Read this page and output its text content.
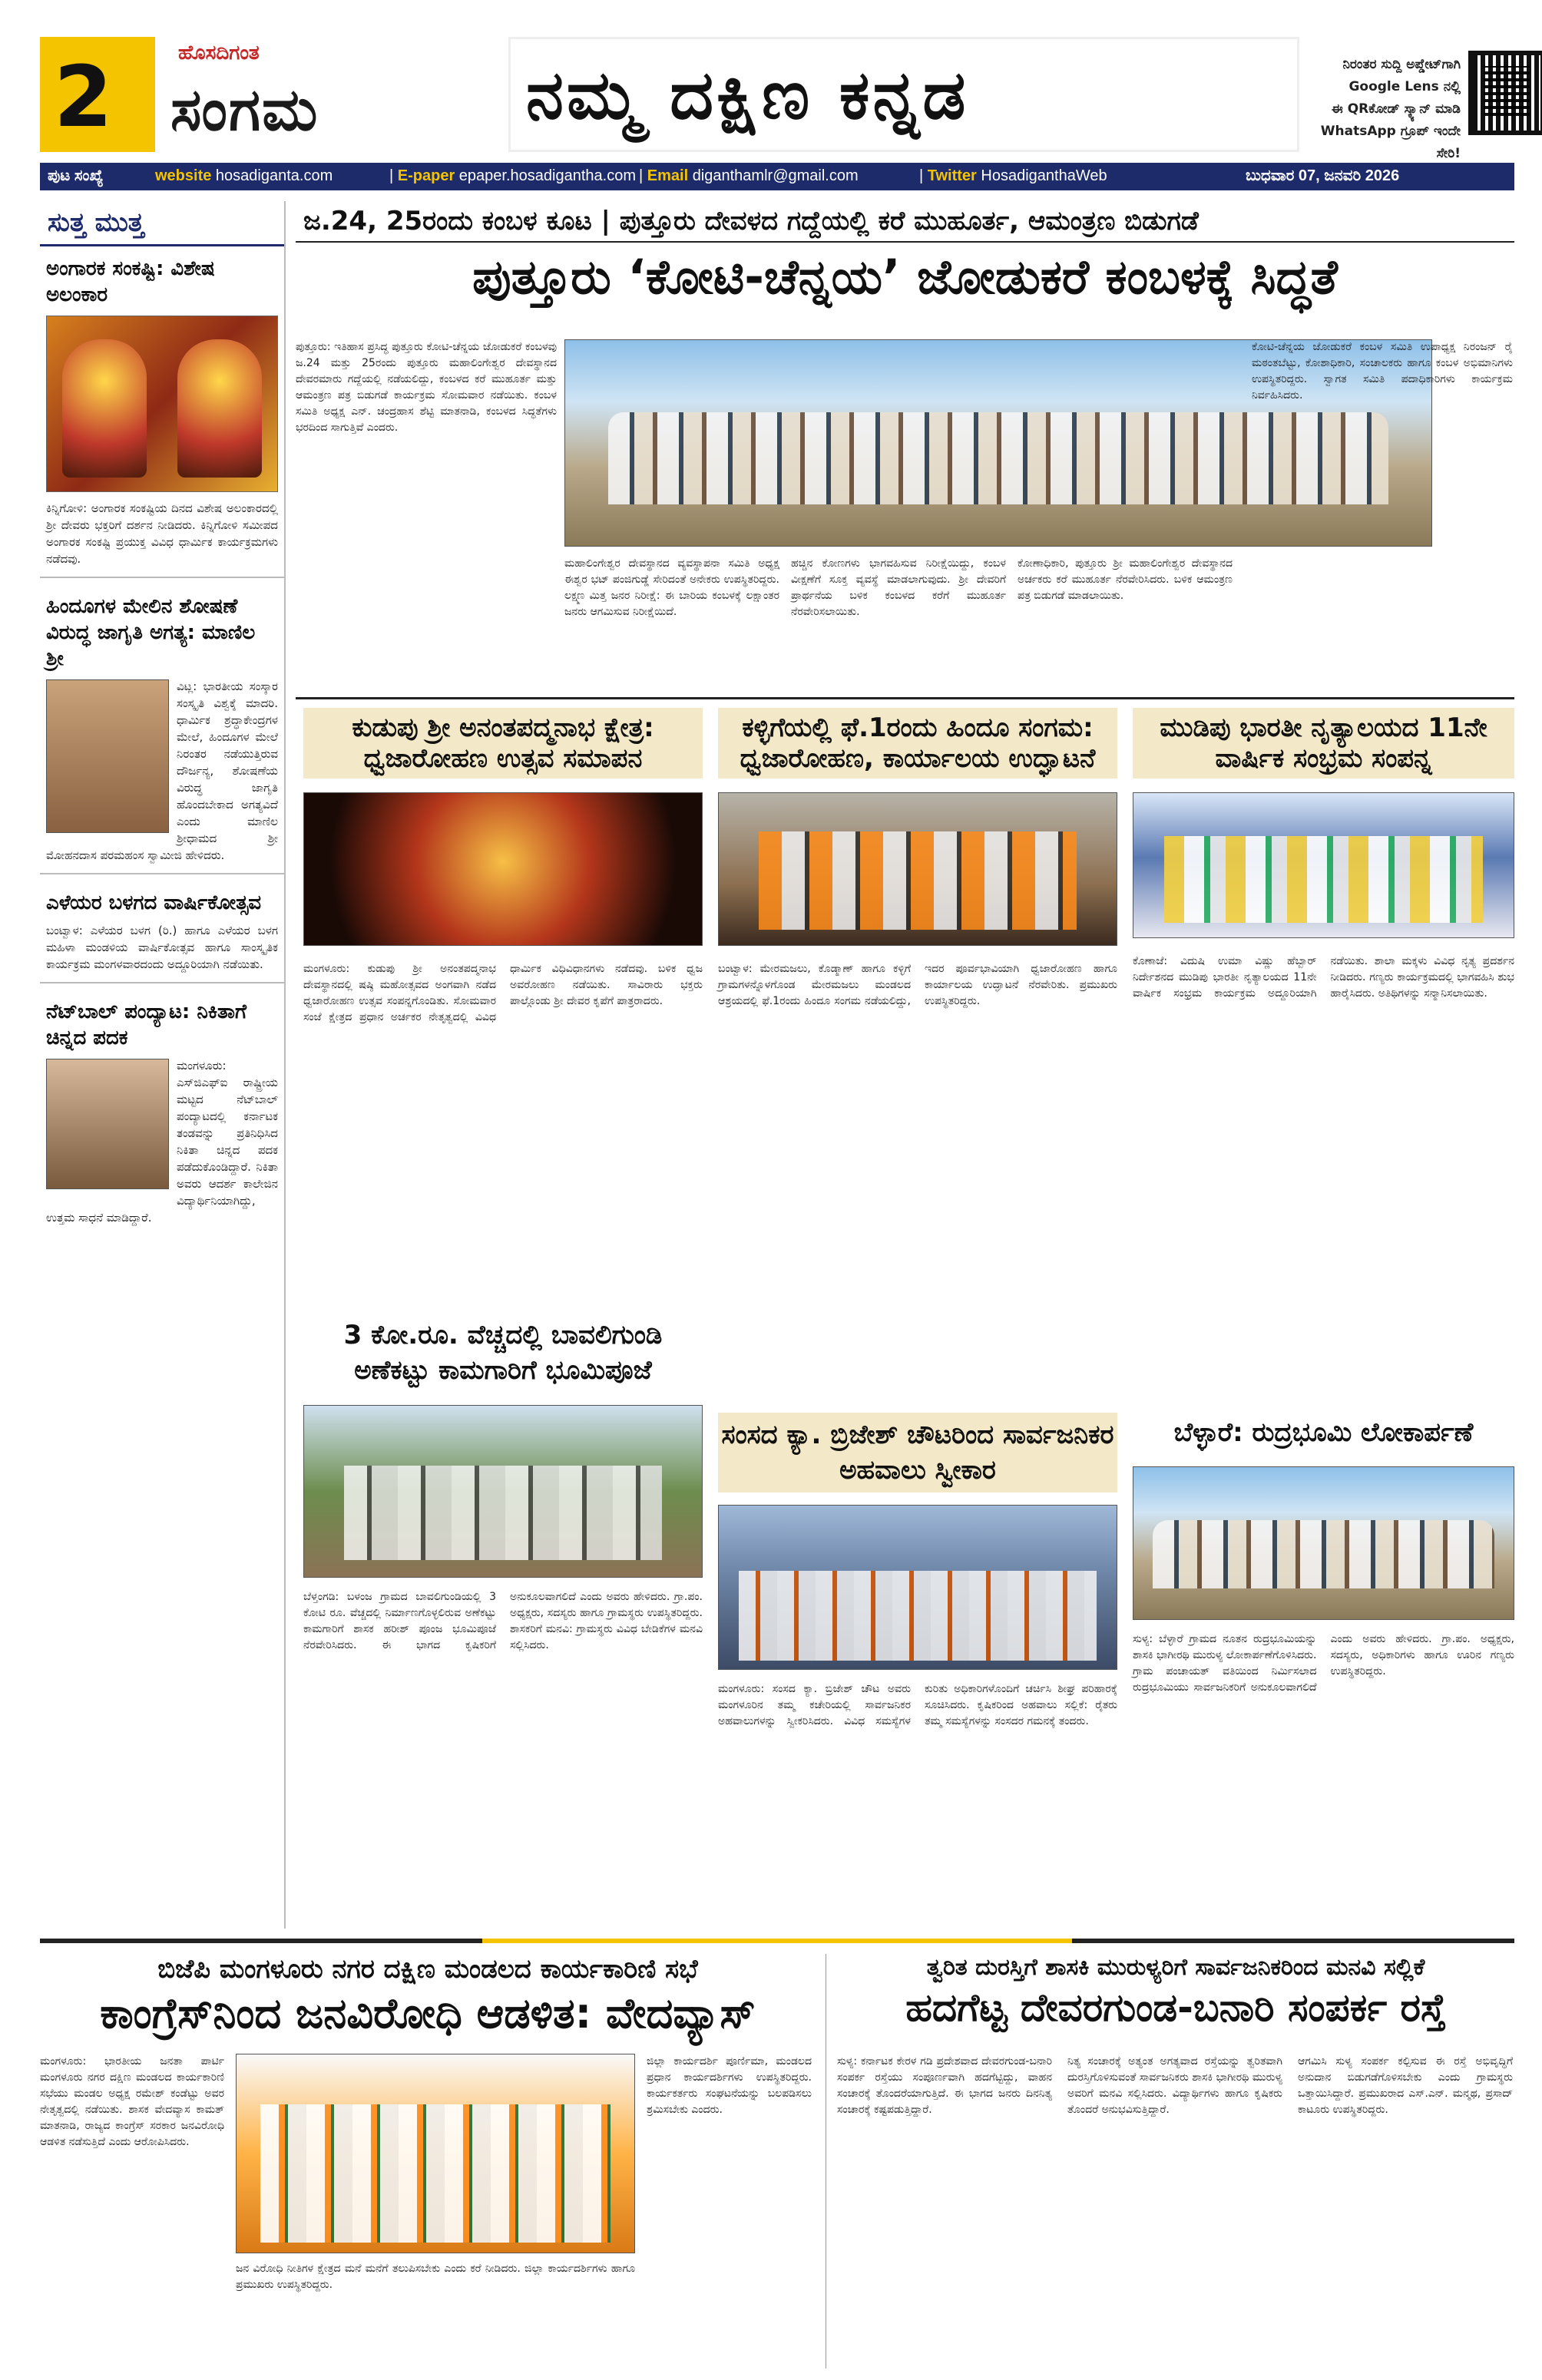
2	ಹೊಸದಿಗಂತ
ಸಂಗಮ	ನಮ್ಮ ದಕ್ಷಿಣ ಕನ್ನಡ	ನಿರಂತರ ಸುದ್ದಿ ಅಪ್ಡೇಟ್‌ಗಾಗಿ
Google Lens ನಲ್ಲಿ
ಈ QRಕೋಡ್ ಸ್ಕ್ಯಾನ್ ಮಾಡಿ
WhatsApp ಗ್ರೂಪ್ ಇಂದೇ ಸೇರಿ!
ಪುಟ ಸಂಖ್ಯೆ	website hosadiganta.com	| E-paper epaper.hosadigantha.com | Email diganthamlr@gmail.com	| Twitter HosadiganthaWeb	ಬುಧವಾರ 07, ಜನವರಿ 2026
ಸುತ್ತ ಮುತ್ತ
ಅಂಗಾರಕ ಸಂಕಷ್ಟಿ: ವಿಶೇಷ ಅಲಂಕಾರ
ಕಿನ್ನಿಗೋಳಿ: ಅಂಗಾರಕ ಸಂಕಷ್ಟಿಯ ದಿನದ ವಿಶೇಷ ಅಲಂಕಾರದಲ್ಲಿ ಶ್ರೀ ದೇವರು ಭಕ್ತರಿಗೆ ದರ್ಶನ ನೀಡಿದರು. ಕಿನ್ನಿಗೋಳಿ ಸಮೀಪದ ಅಂಗಾರಕ ಸಂಕಷ್ಟಿ ಪ್ರಯುಕ್ತ ವಿವಿಧ ಧಾರ್ಮಿಕ ಕಾರ್ಯಕ್ರಮಗಳು ನಡೆದವು.
ಹಿಂದೂಗಳ ಮೇಲಿನ ಶೋಷಣೆ ವಿರುದ್ಧ ಜಾಗೃತಿ ಅಗತ್ಯ: ಮಾಣಿಲ ಶ್ರೀ
ವಿಟ್ಲ: ಭಾರತೀಯ ಸಂಸ್ಕಾರ ಸಂಸ್ಕೃತಿ ವಿಶ್ವಕ್ಕೆ ಮಾದರಿ. ಧಾರ್ಮಿಕ ಶ್ರದ್ಧಾಕೇಂದ್ರಗಳ ಮೇಲೆ, ಹಿಂದೂಗಳ ಮೇಲೆ ನಿರಂತರ ನಡೆಯುತ್ತಿರುವ ದೌರ್ಜನ್ಯ, ಶೋಷಣೆಯ ವಿರುದ್ಧ ಜಾಗೃತಿ ಹೊಂದಬೇಕಾದ ಅಗತ್ಯವಿದೆ ಎಂದು ಮಾಣಿಲ ಶ್ರೀಧಾಮದ ಶ್ರೀ ಮೋಹನದಾಸ ಪರಮಹಂಸ ಸ್ವಾಮೀಜಿ ಹೇಳಿದರು.
ಎಳೆಯರ ಬಳಗದ ವಾರ್ಷಿಕೋತ್ಸವ
ಬಂಟ್ವಾಳ: ಎಳೆಯರ ಬಳಗ (ರಿ.) ಹಾಗೂ ಎಳೆಯರ ಬಳಗ ಮಹಿಳಾ ಮಂಡಳಿಯ ವಾರ್ಷಿಕೋತ್ಸವ ಹಾಗೂ ಸಾಂಸ್ಕೃತಿಕ ಕಾರ್ಯಕ್ರಮ ಮಂಗಳವಾರದಂದು ಅದ್ದೂರಿಯಾಗಿ ನಡೆಯಿತು.
ನೆಟ್‌ಬಾಲ್ ಪಂದ್ಯಾಟ: ನಿಕಿತಾಗೆ ಚಿನ್ನದ ಪದಕ
ಮಂಗಳೂರು: ಎಸ್‌ಜಿಎಫ್‌ಐ ರಾಷ್ಟ್ರೀಯ ಮಟ್ಟದ ನೆಟ್‌ಬಾಲ್ ಪಂದ್ಯಾಟದಲ್ಲಿ ಕರ್ನಾಟಕ ತಂಡವನ್ನು ಪ್ರತಿನಿಧಿಸಿದ ನಿಕಿತಾ ಚಿನ್ನದ ಪದಕ ಪಡೆದುಕೊಂಡಿದ್ದಾರೆ. ನಿಕಿತಾ ಅವರು ಆದರ್ಶ ಕಾಲೇಜಿನ ವಿದ್ಯಾರ್ಥಿನಿಯಾಗಿದ್ದು, ಉತ್ತಮ ಸಾಧನೆ ಮಾಡಿದ್ದಾರೆ.
ಜ.24, 25ರಂದು ಕಂಬಳ ಕೂಟ | ಪುತ್ತೂರು ದೇವಳದ ಗದ್ದೆಯಲ್ಲಿ ಕರೆ ಮುಹೂರ್ತ, ಆಮಂತ್ರಣ ಬಿಡುಗಡೆ
ಪುತ್ತೂರು ‘ಕೋಟಿ-ಚೆನ್ನಯ’ ಜೋಡುಕರೆ ಕಂಬಳಕ್ಕೆ ಸಿದ್ಧತೆ
ಪುತ್ತೂರು: ಇತಿಹಾಸ ಪ್ರಸಿದ್ಧ ಪುತ್ತೂರು ಕೋಟಿ-ಚೆನ್ನಯ ಜೋಡುಕರೆ ಕಂಬಳವು ಜ.24 ಮತ್ತು 25ರಂದು ಪುತ್ತೂರು ಮಹಾಲಿಂಗೇಶ್ವರ ದೇವಸ್ಥಾನದ ದೇವರಮಾರು ಗದ್ದೆಯಲ್ಲಿ ನಡೆಯಲಿದ್ದು, ಕಂಬಳದ ಕರೆ ಮುಹೂರ್ತ ಮತ್ತು ಆಮಂತ್ರಣ ಪತ್ರ ಬಿಡುಗಡೆ ಕಾರ್ಯಕ್ರಮ ಸೋಮವಾರ ನಡೆಯಿತು. ಕಂಬಳ ಸಮಿತಿ ಅಧ್ಯಕ್ಷ ಎನ್. ಚಂದ್ರಹಾಸ ಶೆಟ್ಟಿ ಮಾತನಾಡಿ, ಕಂಬಳದ ಸಿದ್ಧತೆಗಳು ಭರದಿಂದ ಸಾಗುತ್ತಿವೆ ಎಂದರು.
ಮಹಾಲಿಂಗೇಶ್ವರ ದೇವಸ್ಥಾನದ ವ್ಯವಸ್ಥಾಪನಾ ಸಮಿತಿ ಅಧ್ಯಕ್ಷ ಈಶ್ವರ ಭಟ್ ಪಂಜಿಗುಡ್ಡೆ ಸೇರಿದಂತೆ ಅನೇಕರು ಉಪಸ್ಥಿತರಿದ್ದರು. ಲಕ್ಷ್ಮಣ ಮಿತ್ತ ಜನರ ನಿರೀಕ್ಷೆ: ಈ ಬಾರಿಯ ಕಂಬಳಕ್ಕೆ ಲಕ್ಷಾಂತರ ಜನರು ಆಗಮಿಸುವ ನಿರೀಕ್ಷೆಯಿದೆ.
ಹಚ್ಚಿನ ಕೋಣಗಳು ಭಾಗವಹಿಸುವ ನಿರೀಕ್ಷೆಯಿದ್ದು, ಕಂಬಳ ವೀಕ್ಷಣೆಗೆ ಸೂಕ್ತ ವ್ಯವಸ್ಥೆ ಮಾಡಲಾಗುವುದು. ಶ್ರೀ ದೇವರಿಗೆ ಪ್ರಾರ್ಥನೆಯ ಬಳಿಕ ಕಂಬಳದ ಕರೆಗೆ ಮುಹೂರ್ತ ನೆರವೇರಿಸಲಾಯಿತು.
ಕೋಣಾಧಿಕಾರಿ, ಪುತ್ತೂರು ಶ್ರೀ ಮಹಾಲಿಂಗೇಶ್ವರ ದೇವಸ್ಥಾನದ ಅರ್ಚಕರು ಕರೆ ಮುಹೂರ್ತ ನೆರವೇರಿಸಿದರು. ಬಳಿಕ ಆಮಂತ್ರಣ ಪತ್ರ ಬಿಡುಗಡೆ ಮಾಡಲಾಯಿತು.
ಕೋಟಿ-ಚೆನ್ನಯ ಜೋಡುಕರೆ ಕಂಬಳ ಸಮಿತಿ ಉಪಾಧ್ಯಕ್ಷ ನಿರಂಜನ್ ರೈ ಮಠಂತಬೆಟ್ಟು, ಕೋಶಾಧಿಕಾರಿ, ಸಂಚಾಲಕರು ಹಾಗೂ ಕಂಬಳ ಅಭಿಮಾನಿಗಳು ಉಪಸ್ಥಿತರಿದ್ದರು. ಸ್ವಾಗತ ಸಮಿತಿ ಪದಾಧಿಕಾರಿಗಳು ಕಾರ್ಯಕ್ರಮ ನಿರ್ವಹಿಸಿದರು.
ಕುಡುಪು ಶ್ರೀ ಅನಂತಪದ್ಮನಾಭ ಕ್ಷೇತ್ರ: ಧ್ವಜಾರೋಹಣ ಉತ್ಸವ ಸಮಾಪನ
ಮಂಗಳೂರು: ಕುಡುಪು ಶ್ರೀ ಅನಂತಪದ್ಮನಾಭ ದೇವಸ್ಥಾನದಲ್ಲಿ ಷಷ್ಠಿ ಮಹೋತ್ಸವದ ಅಂಗವಾಗಿ ನಡೆದ ಧ್ವಜಾರೋಹಣ ಉತ್ಸವ ಸಂಪನ್ನಗೊಂಡಿತು. ಸೋಮವಾರ ಸಂಜೆ ಕ್ಷೇತ್ರದ ಪ್ರಧಾನ ಅರ್ಚಕರ ನೇತೃತ್ವದಲ್ಲಿ ವಿವಿಧ ಧಾರ್ಮಿಕ ವಿಧಿವಿಧಾನಗಳು ನಡೆದವು. ಬಳಿಕ ಧ್ವಜ ಅವರೋಹಣ ನಡೆಯಿತು. ಸಾವಿರಾರು ಭಕ್ತರು ಪಾಲ್ಗೊಂಡು ಶ್ರೀ ದೇವರ ಕೃಪೆಗೆ ಪಾತ್ರರಾದರು.
ಕಳ್ಳಿಗೆಯಲ್ಲಿ ಫೆ.1ರಂದು ಹಿಂದೂ ಸಂಗಮ: ಧ್ವಜಾರೋಹಣ, ಕಾರ್ಯಾಲಯ ಉದ್ಘಾಟನೆ
ಬಂಟ್ವಾಳ: ಮೇರಮಜಲು, ಕೊಡ್ಮಾಣ್ ಹಾಗೂ ಕಳ್ಳಿಗೆ ಗ್ರಾಮಗಳನ್ನೊಳಗೊಂಡ ಮೇರಮಜಲು ಮಂಡಲದ ಆಶ್ರಯದಲ್ಲಿ ಫೆ.1ರಂದು ಹಿಂದೂ ಸಂಗಮ ನಡೆಯಲಿದ್ದು, ಇದರ ಪೂರ್ವಭಾವಿಯಾಗಿ ಧ್ವಜಾರೋಹಣ ಹಾಗೂ ಕಾರ್ಯಾಲಯ ಉದ್ಘಾಟನೆ ನೆರವೇರಿತು. ಪ್ರಮುಖರು ಉಪಸ್ಥಿತರಿದ್ದರು.
ಮುಡಿಪು ಭಾರತೀ ನೃತ್ಯಾಲಯದ 11ನೇ ವಾರ್ಷಿಕ ಸಂಭ್ರಮ ಸಂಪನ್ನ
ಕೊಣಾಜೆ: ವಿದುಷಿ ಉಮಾ ವಿಷ್ಣು ಹೆಬ್ಬಾರ್ ನಿರ್ದೇಶನದ ಮುಡಿಪು ಭಾರತೀ ನೃತ್ಯಾಲಯದ 11ನೇ ವಾರ್ಷಿಕ ಸಂಭ್ರಮ ಕಾರ್ಯಕ್ರಮ ಅದ್ದೂರಿಯಾಗಿ ನಡೆಯಿತು. ಶಾಲಾ ಮಕ್ಕಳು ವಿವಿಧ ನೃತ್ಯ ಪ್ರದರ್ಶನ ನೀಡಿದರು. ಗಣ್ಯರು ಕಾರ್ಯಕ್ರಮದಲ್ಲಿ ಭಾಗವಹಿಸಿ ಶುಭ ಹಾರೈಸಿದರು. ಅತಿಥಿಗಳನ್ನು ಸನ್ಮಾನಿಸಲಾಯಿತು.
3 ಕೋ.ರೂ. ವೆಚ್ಚದಲ್ಲಿ ಬಾವಲಿಗುಂಡಿ ಅಣೆಕಟ್ಟು ಕಾಮಗಾರಿಗೆ ಭೂಮಿಪೂಜೆ
ಬೆಳ್ತಂಗಡಿ: ಬಳಂಜ ಗ್ರಾಮದ ಬಾವಲಿಗುಂಡಿಯಲ್ಲಿ 3 ಕೋಟಿ ರೂ. ವೆಚ್ಚದಲ್ಲಿ ನಿರ್ಮಾಣಗೊಳ್ಳಲಿರುವ ಅಣೆಕಟ್ಟು ಕಾಮಗಾರಿಗೆ ಶಾಸಕ ಹರೀಶ್ ಪೂಂಜ ಭೂಮಿಪೂಜೆ ನೆರವೇರಿಸಿದರು. ಈ ಭಾಗದ ಕೃಷಿಕರಿಗೆ ಅನುಕೂಲವಾಗಲಿದೆ ಎಂದು ಅವರು ಹೇಳಿದರು. ಗ್ರಾ.ಪಂ. ಅಧ್ಯಕ್ಷರು, ಸದಸ್ಯರು ಹಾಗೂ ಗ್ರಾಮಸ್ಥರು ಉಪಸ್ಥಿತರಿದ್ದರು. ಶಾಸಕರಿಗೆ ಮನವಿ: ಗ್ರಾಮಸ್ಥರು ವಿವಿಧ ಬೇಡಿಕೆಗಳ ಮನವಿ ಸಲ್ಲಿಸಿದರು.
ಸಂಸದ ಕ್ಯಾ. ಬ್ರಿಜೇಶ್ ಚೌಟರಿಂದ ಸಾರ್ವಜನಿಕರ ಅಹವಾಲು ಸ್ವೀಕಾರ
ಮಂಗಳೂರು: ಸಂಸದ ಕ್ಯಾ. ಬ್ರಿಜೇಶ್ ಚೌಟ ಅವರು ಮಂಗಳೂರಿನ ತಮ್ಮ ಕಚೇರಿಯಲ್ಲಿ ಸಾರ್ವಜನಿಕರ ಅಹವಾಲುಗಳನ್ನು ಸ್ವೀಕರಿಸಿದರು. ವಿವಿಧ ಸಮಸ್ಯೆಗಳ ಕುರಿತು ಅಧಿಕಾರಿಗಳೊಂದಿಗೆ ಚರ್ಚಿಸಿ ಶೀಘ್ರ ಪರಿಹಾರಕ್ಕೆ ಸೂಚಿಸಿದರು. ಕೃಷಿಕರಿಂದ ಅಹವಾಲು ಸಲ್ಲಿಕೆ: ರೈತರು ತಮ್ಮ ಸಮಸ್ಯೆಗಳನ್ನು ಸಂಸದರ ಗಮನಕ್ಕೆ ತಂದರು.
ಬೆಳ್ಳಾರೆ: ರುದ್ರಭೂಮಿ ಲೋಕಾರ್ಪಣೆ
ಸುಳ್ಯ: ಬೆಳ್ಳಾರೆ ಗ್ರಾಮದ ನೂತನ ರುದ್ರಭೂಮಿಯನ್ನು ಶಾಸಕಿ ಭಾಗೀರಥಿ ಮುರುಳ್ಯ ಲೋಕಾರ್ಪಣೆಗೊಳಿಸಿದರು. ಗ್ರಾಮ ಪಂಚಾಯತ್ ವತಿಯಿಂದ ನಿರ್ಮಿಸಲಾದ ರುದ್ರಭೂಮಿಯು ಸಾರ್ವಜನಿಕರಿಗೆ ಅನುಕೂಲವಾಗಲಿದೆ ಎಂದು ಅವರು ಹೇಳಿದರು. ಗ್ರಾ.ಪಂ. ಅಧ್ಯಕ್ಷರು, ಸದಸ್ಯರು, ಅಧಿಕಾರಿಗಳು ಹಾಗೂ ಊರಿನ ಗಣ್ಯರು ಉಪಸ್ಥಿತರಿದ್ದರು.
ಬಿಜೆಪಿ ಮಂಗಳೂರು ನಗರ ದಕ್ಷಿಣ ಮಂಡಲದ ಕಾರ್ಯಕಾರಿಣಿ ಸಭೆ
ಕಾಂಗ್ರೆಸ್‌ನಿಂದ ಜನವಿರೋಧಿ ಆಡಳಿತ: ವೇದವ್ಯಾಸ್
ಮಂಗಳೂರು: ಭಾರತೀಯ ಜನತಾ ಪಾರ್ಟಿ ಮಂಗಳೂರು ನಗರ ದಕ್ಷಿಣ ಮಂಡಲದ ಕಾರ್ಯಕಾರಿಣಿ ಸಭೆಯು ಮಂಡಲ ಅಧ್ಯಕ್ಷ ರಮೇಶ್ ಕಂಡೆಟ್ಟು ಅವರ ನೇತೃತ್ವದಲ್ಲಿ ನಡೆಯಿತು. ಶಾಸಕ ವೇದವ್ಯಾಸ ಕಾಮತ್ ಮಾತನಾಡಿ, ರಾಜ್ಯದ ಕಾಂಗ್ರೆಸ್ ಸರಕಾರ ಜನವಿರೋಧಿ ಆಡಳಿತ ನಡೆಸುತ್ತಿದೆ ಎಂದು ಆರೋಪಿಸಿದರು.
ಜನ ವಿರೋಧಿ ನೀತಿಗಳ ಕ್ಷೇತ್ರದ ಮನೆ ಮನೆಗೆ ತಲುಪಿಸಬೇಕು ಎಂದು ಕರೆ ನೀಡಿದರು. ಜಿಲ್ಲಾ ಕಾರ್ಯದರ್ಶಿಗಳು ಹಾಗೂ ಪ್ರಮುಖರು ಉಪಸ್ಥಿತರಿದ್ದರು.
ಜಿಲ್ಲಾ ಕಾರ್ಯದರ್ಶಿ ಪೂರ್ಣಿಮಾ, ಮಂಡಲದ ಪ್ರಧಾನ ಕಾರ್ಯದರ್ಶಿಗಳು ಉಪಸ್ಥಿತರಿದ್ದರು. ಕಾರ್ಯಕರ್ತರು ಸಂಘಟನೆಯನ್ನು ಬಲಪಡಿಸಲು ಶ್ರಮಿಸಬೇಕು ಎಂದರು.
ತ್ವರಿತ ದುರಸ್ತಿಗೆ ಶಾಸಕಿ ಮುರುಳ್ಯರಿಗೆ ಸಾರ್ವಜನಿಕರಿಂದ ಮನವಿ ಸಲ್ಲಿಕೆ
ಹದಗೆಟ್ಟ ದೇವರಗುಂಡ-ಬನಾರಿ ಸಂಪರ್ಕ ರಸ್ತೆ
ಸುಳ್ಯ: ಕರ್ನಾಟಕ ಕೇರಳ ಗಡಿ ಪ್ರದೇಶವಾದ ದೇವರಗುಂಡ-ಬನಾರಿ ಸಂಪರ್ಕ ರಸ್ತೆಯು ಸಂಪೂರ್ಣವಾಗಿ ಹದಗೆಟ್ಟಿದ್ದು, ವಾಹನ ಸಂಚಾರಕ್ಕೆ ತೊಂದರೆಯಾಗುತ್ತಿದೆ. ಈ ಭಾಗದ ಜನರು ದಿನನಿತ್ಯ ಸಂಚಾರಕ್ಕೆ ಕಷ್ಟಪಡುತ್ತಿದ್ದಾರೆ.
ನಿತ್ಯ ಸಂಚಾರಕ್ಕೆ ಅತ್ಯಂತ ಅಗತ್ಯವಾದ ರಸ್ತೆಯನ್ನು ತ್ವರಿತವಾಗಿ ದುರಸ್ತಿಗೊಳಿಸುವಂತೆ ಸಾರ್ವಜನಿಕರು ಶಾಸಕಿ ಭಾಗೀರಥಿ ಮುರುಳ್ಯ ಅವರಿಗೆ ಮನವಿ ಸಲ್ಲಿಸಿದರು. ವಿದ್ಯಾರ್ಥಿಗಳು ಹಾಗೂ ಕೃಷಿಕರು ತೊಂದರೆ ಅನುಭವಿಸುತ್ತಿದ್ದಾರೆ.
ಆಗಮಿಸಿ ಸುಳ್ಯ ಸಂಪರ್ಕ ಕಲ್ಪಿಸುವ ಈ ರಸ್ತೆ ಅಭಿವೃದ್ಧಿಗೆ ಅನುದಾನ ಬಿಡುಗಡೆಗೊಳಿಸಬೇಕು ಎಂದು ಗ್ರಾಮಸ್ಥರು ಒತ್ತಾಯಿಸಿದ್ದಾರೆ. ಪ್ರಮುಖರಾದ ಎಸ್.ಎನ್. ಮನ್ಮಥ, ಪ್ರಸಾದ್ ಕಾಟೂರು ಉಪಸ್ಥಿತರಿದ್ದರು.
